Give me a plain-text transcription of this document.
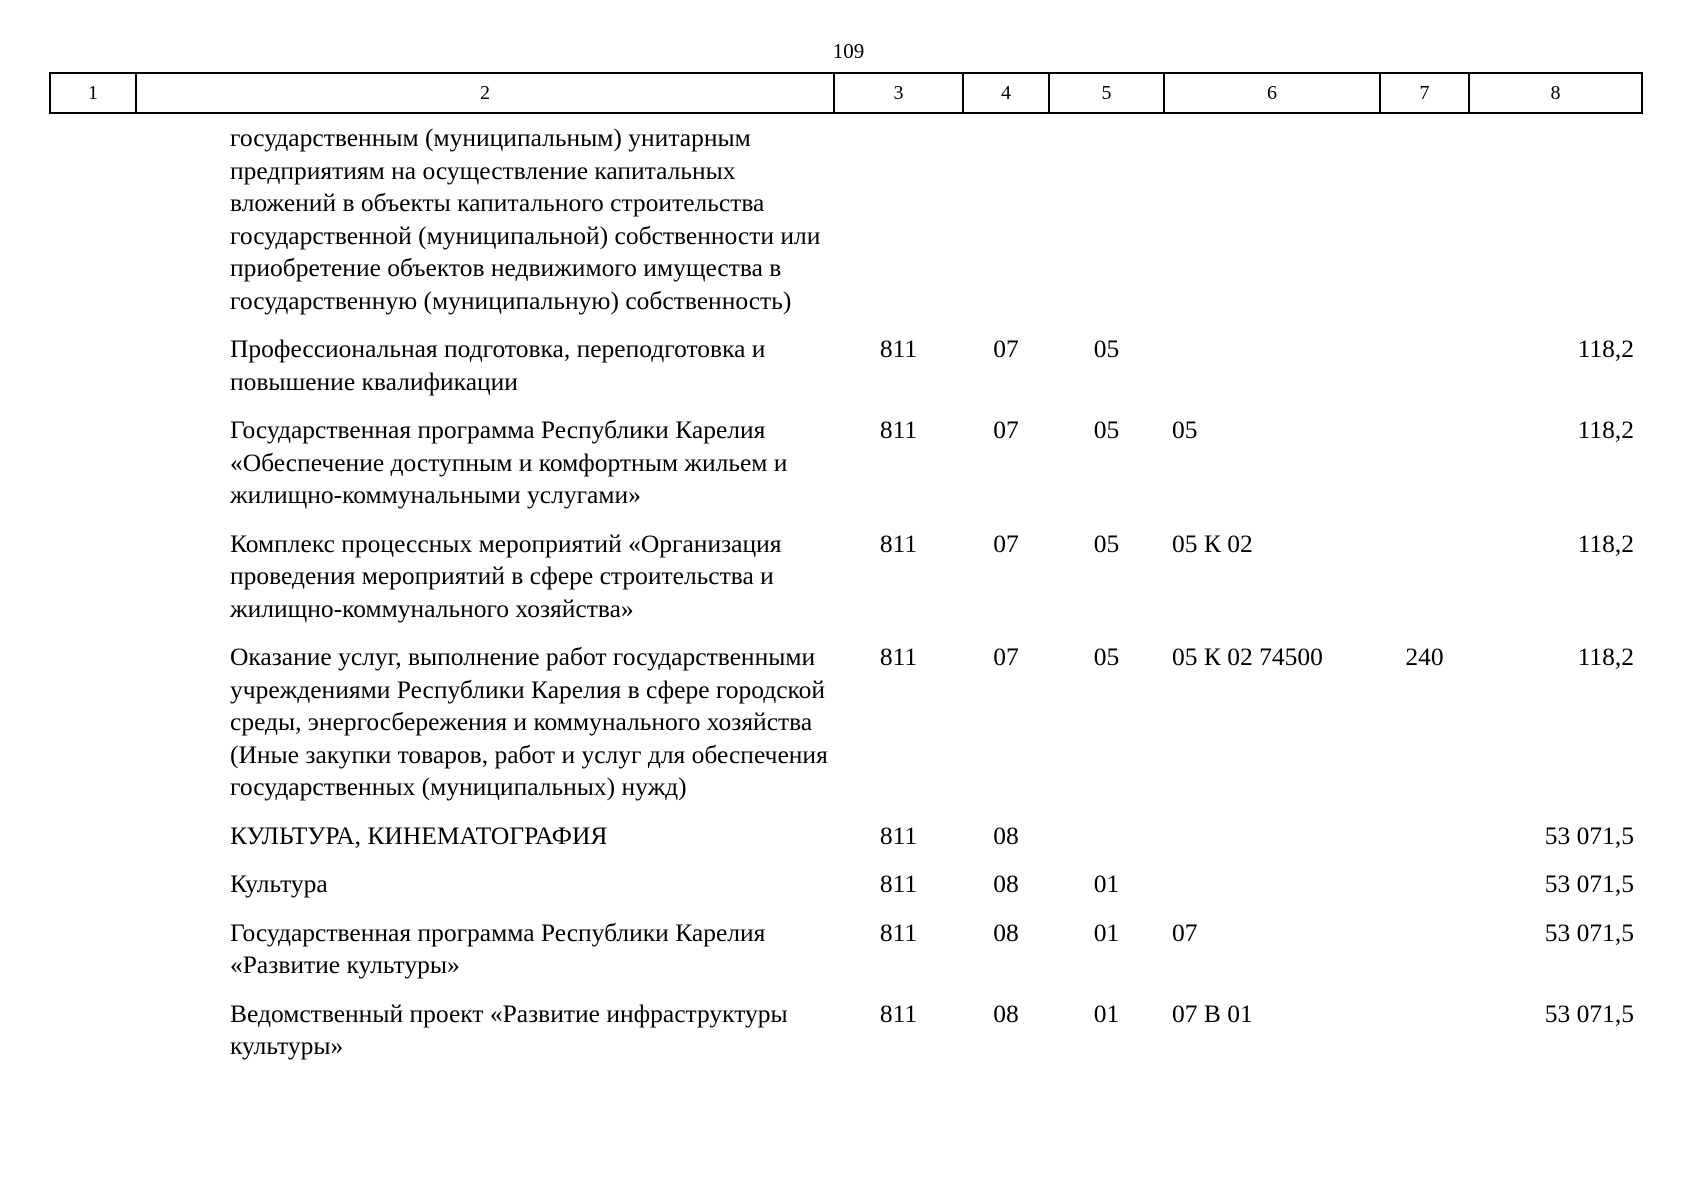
109
1	2	3	4	5	6	7	8
	государственным (муниципальным) унитарным предприятиям на осуществление капитальных вложений в объекты капитального строительства государственной (муниципальной) собственности или приобретение объектов недвижимого имущества в государственную (муниципальную) собственность)						
	Профессиональная подготовка, переподготовка и повышение квалификации	811	07	05			118,2
	Государственная программа Республики Карелия «Обеспечение доступным и комфортным жильем и жилищно-коммунальными услугами»	811	07	05	05		118,2
	Комплекс процессных мероприятий «Организация проведения мероприятий в сфере строительства и жилищно-коммунального хозяйства»	811	07	05	05 К 02		118,2
	Оказание услуг, выполнение работ государственными учреждениями Республики Карелия в сфере городской среды, энергосбережения и коммунального хозяйства (Иные закупки товаров, работ и услуг для обеспечения государственных (муниципальных) нужд)	811	07	05	05 К 02 74500	240	118,2
	КУЛЬТУРА, КИНЕМАТОГРАФИЯ	811	08				53 071,5
	Культура	811	08	01			53 071,5
	Государственная программа Республики Карелия «Развитие культуры»	811	08	01	07		53 071,5
	Ведомственный проект «Развитие инфраструктуры культуры»	811	08	01	07 В 01		53 071,5
